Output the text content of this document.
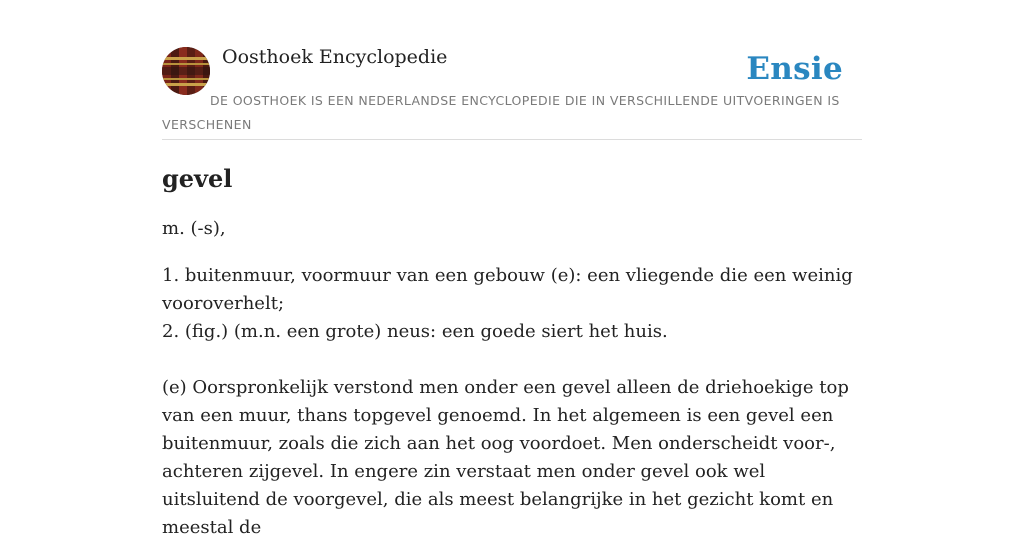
Oosthoek Encyclopedie	Ensie
DE OOSTHOEK IS EEN NEDERLANDSE ENCYCLOPEDIE DIE IN VERSCHILLENDE UITVOERINGEN IS VERSCHENEN
gevel
m. (-s),
1. buitenmuur, voormuur van een gebouw (e): een vliegende die een weinig vooroverhelt;
2. (fig.) (m.n. een grote) neus: een goede siert het huis.
(e) Oorspronkelijk verstond men onder een gevel alleen de driehoekige top van een muur, thans topgevel genoemd. In het algemeen is een gevel een buitenmuur, zoals die zich aan het oog voordoet. Men onderscheidt voor-, achteren zijgevel. In engere zin verstaat men onder gevel ook wel uitsluitend de voorgevel, die als meest belangrijke in het gezicht komt en meestal de
